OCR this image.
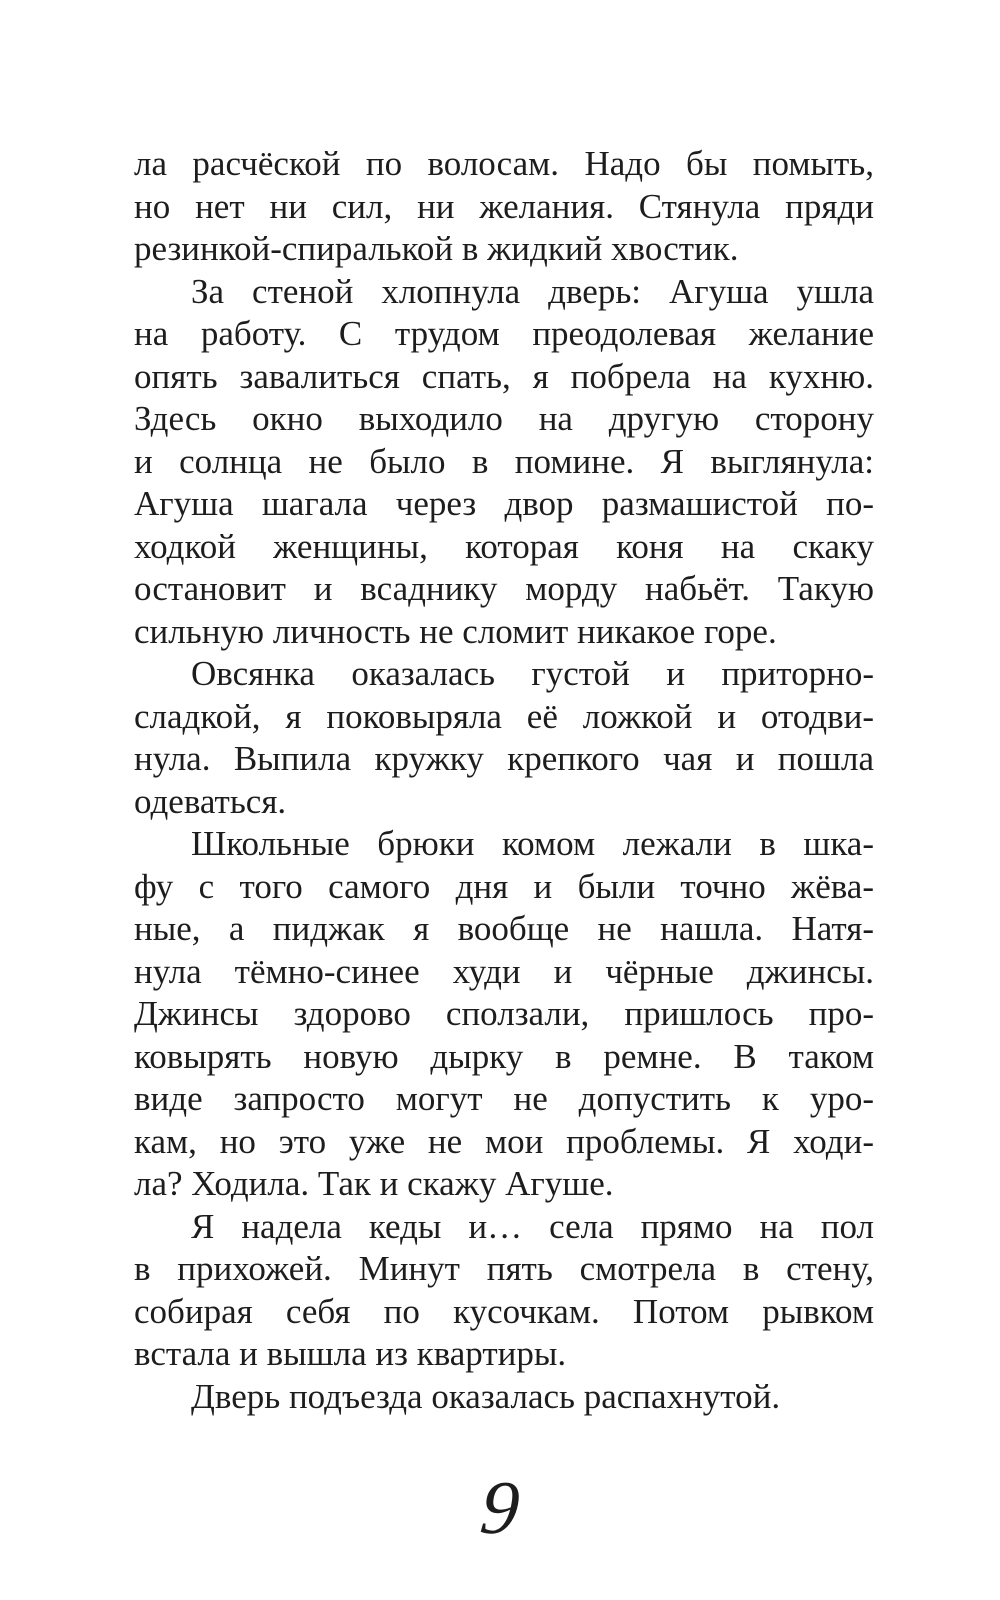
ла расчёской по волосам. Надо бы помыть,
но нет ни сил, ни желания. Стянула пряди
резинкой-спиралькой в жидкий хвостик.
За стеной хлопнула дверь: Агуша ушла
на работу. С трудом преодолевая желание
опять завалиться спать, я побрела на кухню.
Здесь окно выходило на другую сторону
и солнца не было в помине. Я выглянула:
Агуша шагала через двор размашистой по-
ходкой женщины, которая коня на скаку
остановит и всаднику морду набьёт. Такую
сильную личность не сломит никакое горе.
Овсянка оказалась густой и приторно-
сладкой, я поковыряла её ложкой и отодви-
нула. Выпила кружку крепкого чая и пошла
одеваться.
Школьные брюки комом лежали в шка-
фу с того самого дня и были точно жёва-
ные, а пиджак я вообще не нашла. Натя-
нула тёмно-синее худи и чёрные джинсы.
Джинсы здорово сползали, пришлось про-
ковырять новую дырку в ремне. В таком
виде запросто могут не допустить к уро-
кам, но это уже не мои проблемы. Я ходи-
ла? Ходила. Так и скажу Агуше.
Я надела кеды и… села прямо на пол
в прихожей. Минут пять смотрела в стену,
собирая себя по кусочкам. Потом рывком
встала и вышла из квартиры.
Дверь подъезда оказалась распахнутой.
9
